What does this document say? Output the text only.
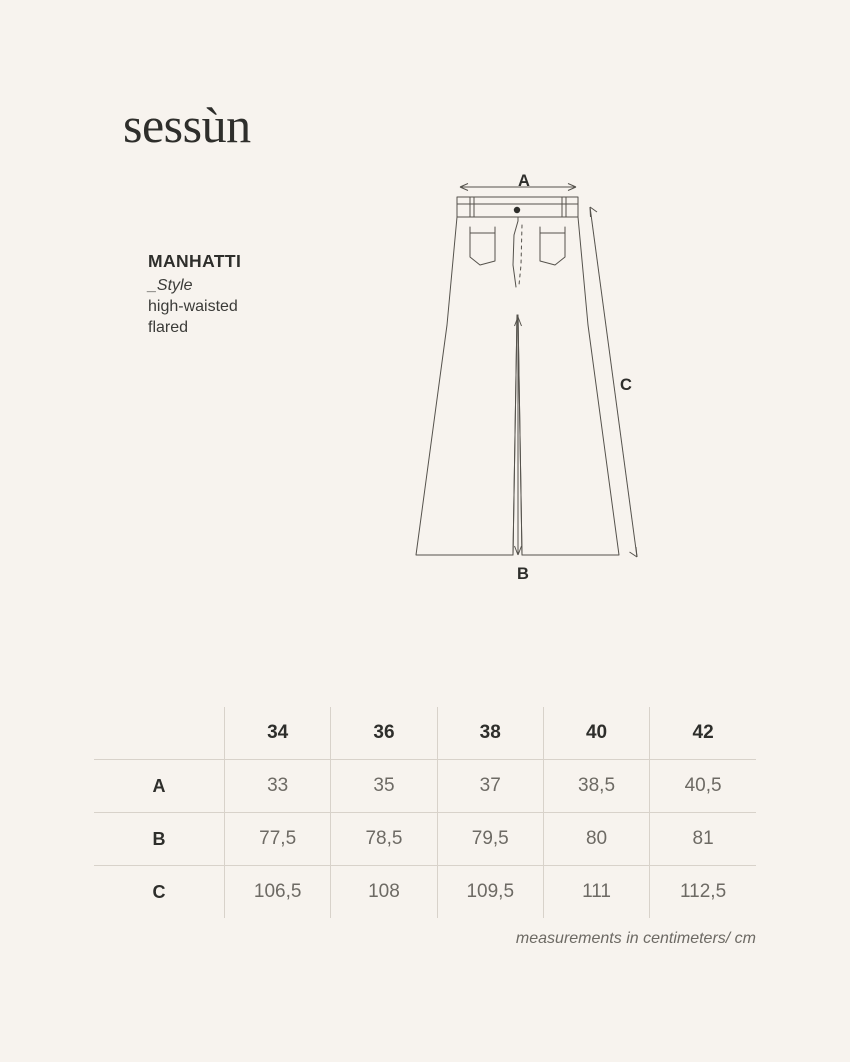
sessùn
MANHATTI
_Style
high-waisted
flared
A
B
C
	34	36	38	40	42
A	33	35	37	38,5	40,5
B	77,5	78,5	79,5	80	81
C	106,5	108	109,5	111	112,5
measurements in centimeters/ cm
